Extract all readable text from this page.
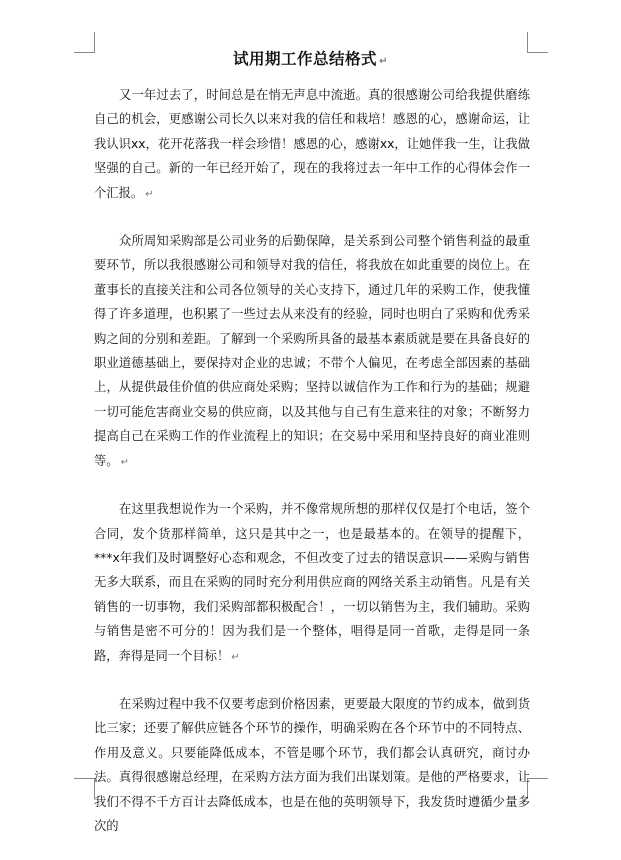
试用期工作总结格式 ↵

又一年过去了，时间总是在悄无声息中流逝。真的很感谢公司给我提供磨练自己的机会，更感谢公司长久以来对我的信任和栽培！感恩的心，感谢命运，让我认识xx，花开花落我一样会珍惜！感恩的心，感谢xx，让她伴我一生，让我做坚强的自己。新的一年已经开始了，现在的我将过去一年中工作的心得体会作一个汇报。 ↵

众所周知采购部是公司业务的后勤保障，是关系到公司整个销售利益的最重要环节，所以我很感谢公司和领导对我的信任，将我放在如此重要的岗位上。在董事长的直接关注和公司各位领导的关心支持下，通过几年的采购工作，使我懂得了许多道理，也积累了一些过去从来没有的经验，同时也明白了采购和优秀采购之间的分别和差距。了解到一个采购所具备的最基本素质就是要在具备良好的职业道德基础上，要保持对企业的忠诚；不带个人偏见，在考虑全部因素的基础上，从提供最佳价值的供应商处采购；坚持以诚信作为工作和行为的基础；规避一切可能危害商业交易的供应商，以及其他与自己有生意来往的对象；不断努力提高自己在采购工作的作业流程上的知识；在交易中采用和坚持良好的商业准则等。 ↵

在这里我想说作为一个采购，并不像常规所想的那样仅仅是打个电话，签个合同，发个货那样简单，这只是其中之一，也是最基本的。在领导的提醒下，***x年我们及时调整好心态和观念，不但改变了过去的错误意识——采购与销售无多大联系，而且在采购的同时充分利用供应商的网络关系主动销售。凡是有关销售的一切事物，我们采购部都积极配合！，一切以销售为主，我们辅助。采购与销售是密不可分的！因为我们是一个整体，唱得是同一首歌，走得是同一条路，奔得是同一个目标！ ↵

在采购过程中我不仅要考虑到价格因素，更要最大限度的节约成本，做到货比三家；还要了解供应链各个环节的操作，明确采购在各个环节中的不同特点、作用及意义。只要能降低成本，不管是哪个环节，我们都会认真研究，商讨办法。真得很感谢总经理，在采购方法方面为我们出谋划策。是他的严格要求，让我们不得不千方百计去降低成本，也是在他的英明领导下，我发货时遵循少量多次的
